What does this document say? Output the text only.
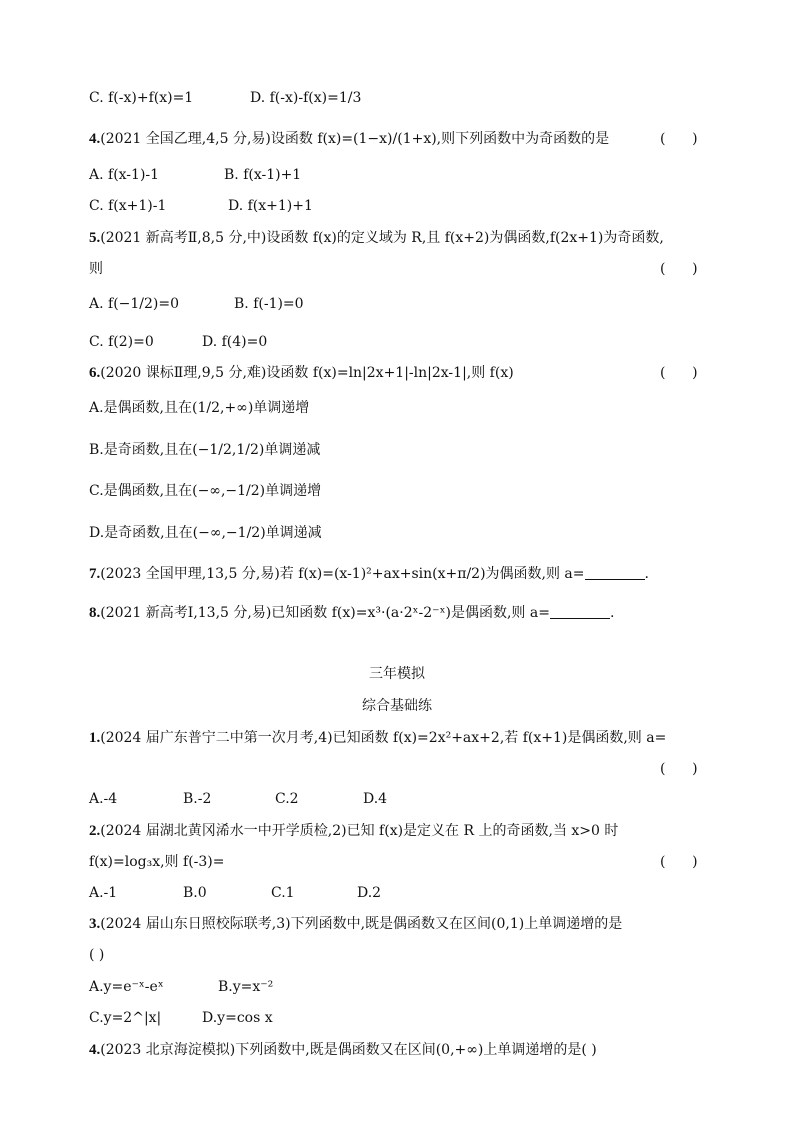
C. f(-x)+f(x)=1	D. f(-x)-f(x)=1/3
4.(2021 全国乙理,4,5 分,易)设函数 f(x)=(1−x)/(1+x),则下列函数中为奇函数的是	(      )
A. f(x-1)-1	B. f(x-1)+1
C. f(x+1)-1	D. f(x+1)+1
5.(2021 新高考Ⅱ,8,5 分,中)设函数 f(x)的定义域为 R,且 f(x+2)为偶函数,f(2x+1)为奇函数,
则	(      )
A. f(−1/2)=0	B. f(-1)=0
C. f(2)=0	D. f(4)=0
6.(2020 课标Ⅱ理,9,5 分,难)设函数 f(x)=ln|2x+1|-ln|2x-1|,则 f(x)	(      )
A.是偶函数,且在(1/2,+∞)单调递增
B.是奇函数,且在(−1/2,1/2)单调递减
C.是偶函数,且在(−∞,−1/2)单调递增
D.是奇函数,且在(−∞,−1/2)单调递减
7.(2023 全国甲理,13,5 分,易)若 f(x)=(x-1)²+ax+sin(x+π/2)为偶函数,则 a=	.
8.(2021 新高考Ⅰ,13,5 分,易)已知函数 f(x)=x³·(a·2ˣ-2⁻ˣ)是偶函数,则 a=	.
三年模拟
综合基础练
1.(2024 届广东普宁二中第一次月考,4)已知函数 f(x)=2x²+ax+2,若 f(x+1)是偶函数,则 a=
(      )
A.-4	B.-2	C.2	D.4
2.(2024 届湖北黄冈浠水一中开学质检,2)已知 f(x)是定义在 R 上的奇函数,当 x>0 时
f(x)=log₃x,则 f(-3)=	(      )
A.-1	B.0	C.1	D.2
3.(2024 届山东日照校际联考,3)下列函数中,既是偶函数又在区间(0,1)上单调递增的是
( )
A.y=e⁻ˣ-eˣ	B.y=x⁻²
C.y=2^|x|	D.y=cos x
4.(2023 北京海淀模拟)下列函数中,既是偶函数又在区间(0,+∞)上单调递增的是( )
